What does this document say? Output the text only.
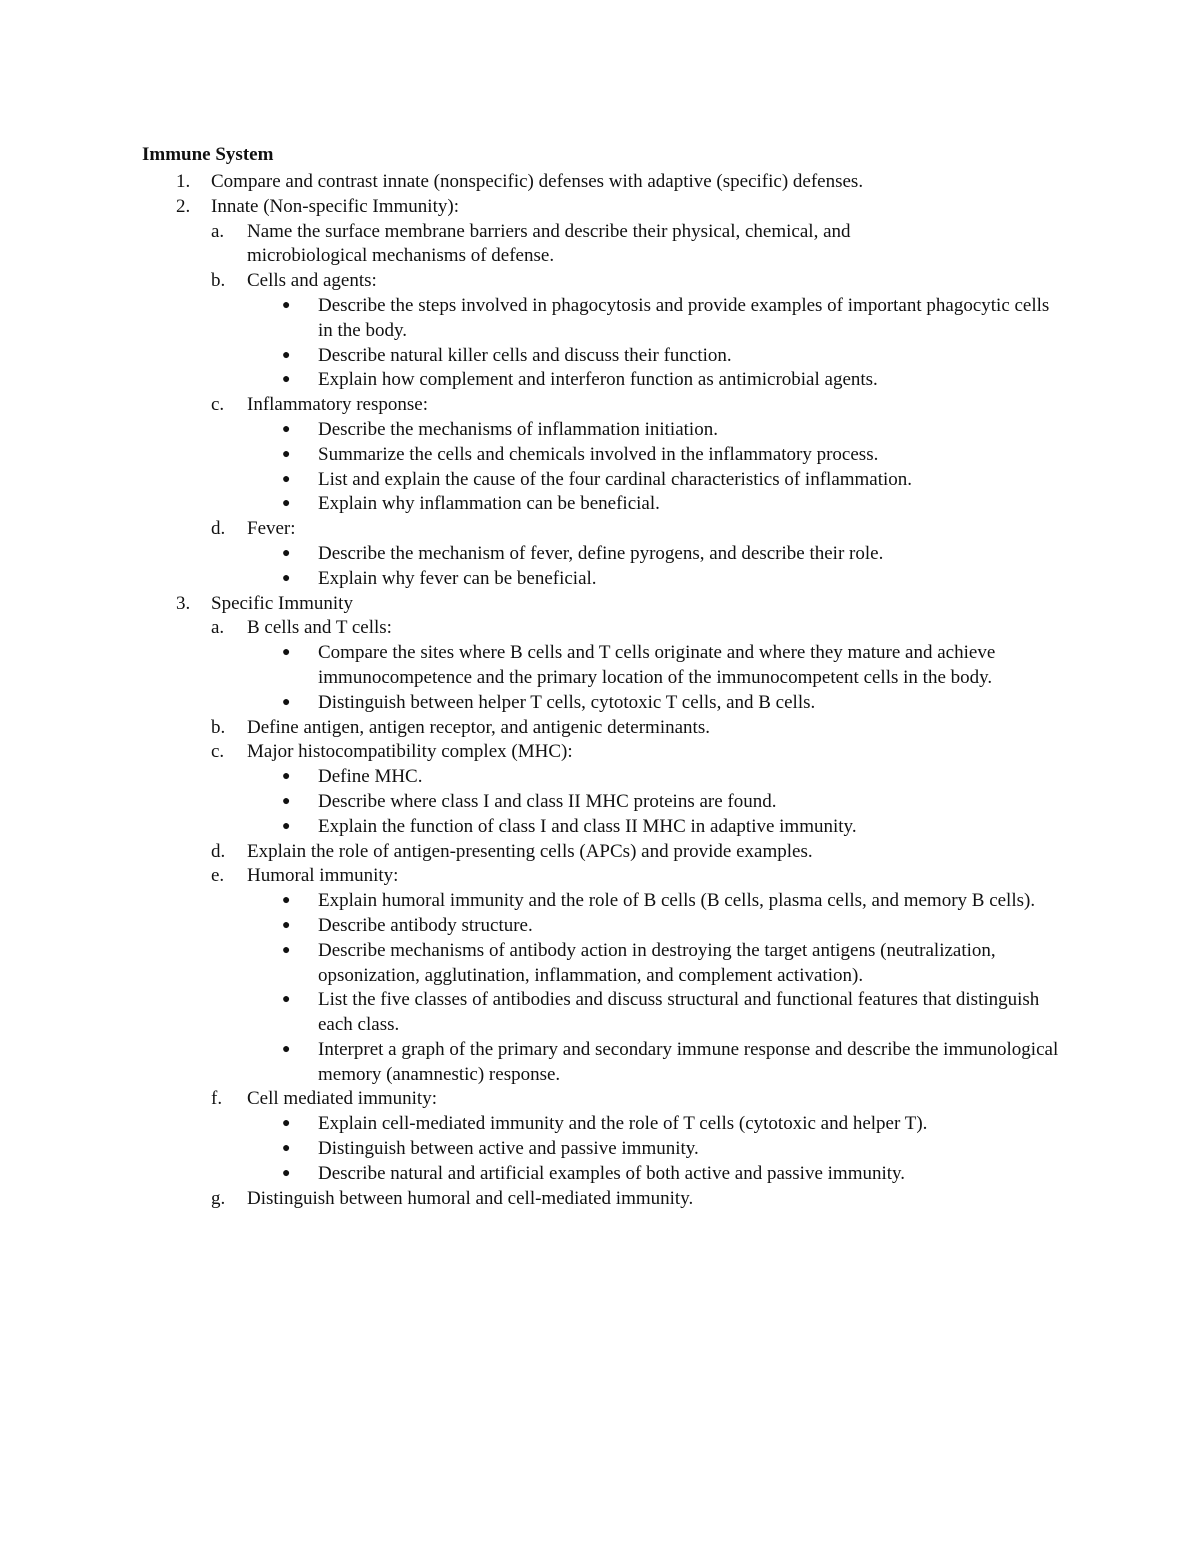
Immune System
1. Compare and contrast innate (nonspecific) defenses with adaptive (specific) defenses.
2. Innate (Non-specific Immunity):
a. Name the surface membrane barriers and describe their physical, chemical, and microbiological mechanisms of defense.
b. Cells and agents:
● Describe the steps involved in phagocytosis and provide examples of important phagocytic cells in the body.
● Describe natural killer cells and discuss their function.
● Explain how complement and interferon function as antimicrobial agents.
c. Inflammatory response:
● Describe the mechanisms of inflammation initiation.
● Summarize the cells and chemicals involved in the inflammatory process.
● List and explain the cause of the four cardinal characteristics of inflammation.
● Explain why inflammation can be beneficial.
d. Fever:
● Describe the mechanism of fever, define pyrogens, and describe their role.
● Explain why fever can be beneficial.
3. Specific Immunity
a. B cells and T cells:
● Compare the sites where B cells and T cells originate and where they mature and achieve immunocompetence and the primary location of the immunocompetent cells in the body.
● Distinguish between helper T cells, cytotoxic T cells, and B cells.
b. Define antigen, antigen receptor, and antigenic determinants.
c. Major histocompatibility complex (MHC):
● Define MHC.
● Describe where class I and class II MHC proteins are found.
● Explain the function of class I and class II MHC in adaptive immunity.
d. Explain the role of antigen-presenting cells (APCs) and provide examples.
e. Humoral immunity:
● Explain humoral immunity and the role of B cells (B cells, plasma cells, and memory B cells).
● Describe antibody structure.
● Describe mechanisms of antibody action in destroying the target antigens (neutralization, opsonization, agglutination, inflammation, and complement activation).
● List the five classes of antibodies and discuss structural and functional features that distinguish each class.
● Interpret a graph of the primary and secondary immune response and describe the immunological memory (anamnestic) response.
f. Cell mediated immunity:
● Explain cell-mediated immunity and the role of T cells (cytotoxic and helper T).
● Distinguish between active and passive immunity.
● Describe natural and artificial examples of both active and passive immunity.
g. Distinguish between humoral and cell-mediated immunity.
